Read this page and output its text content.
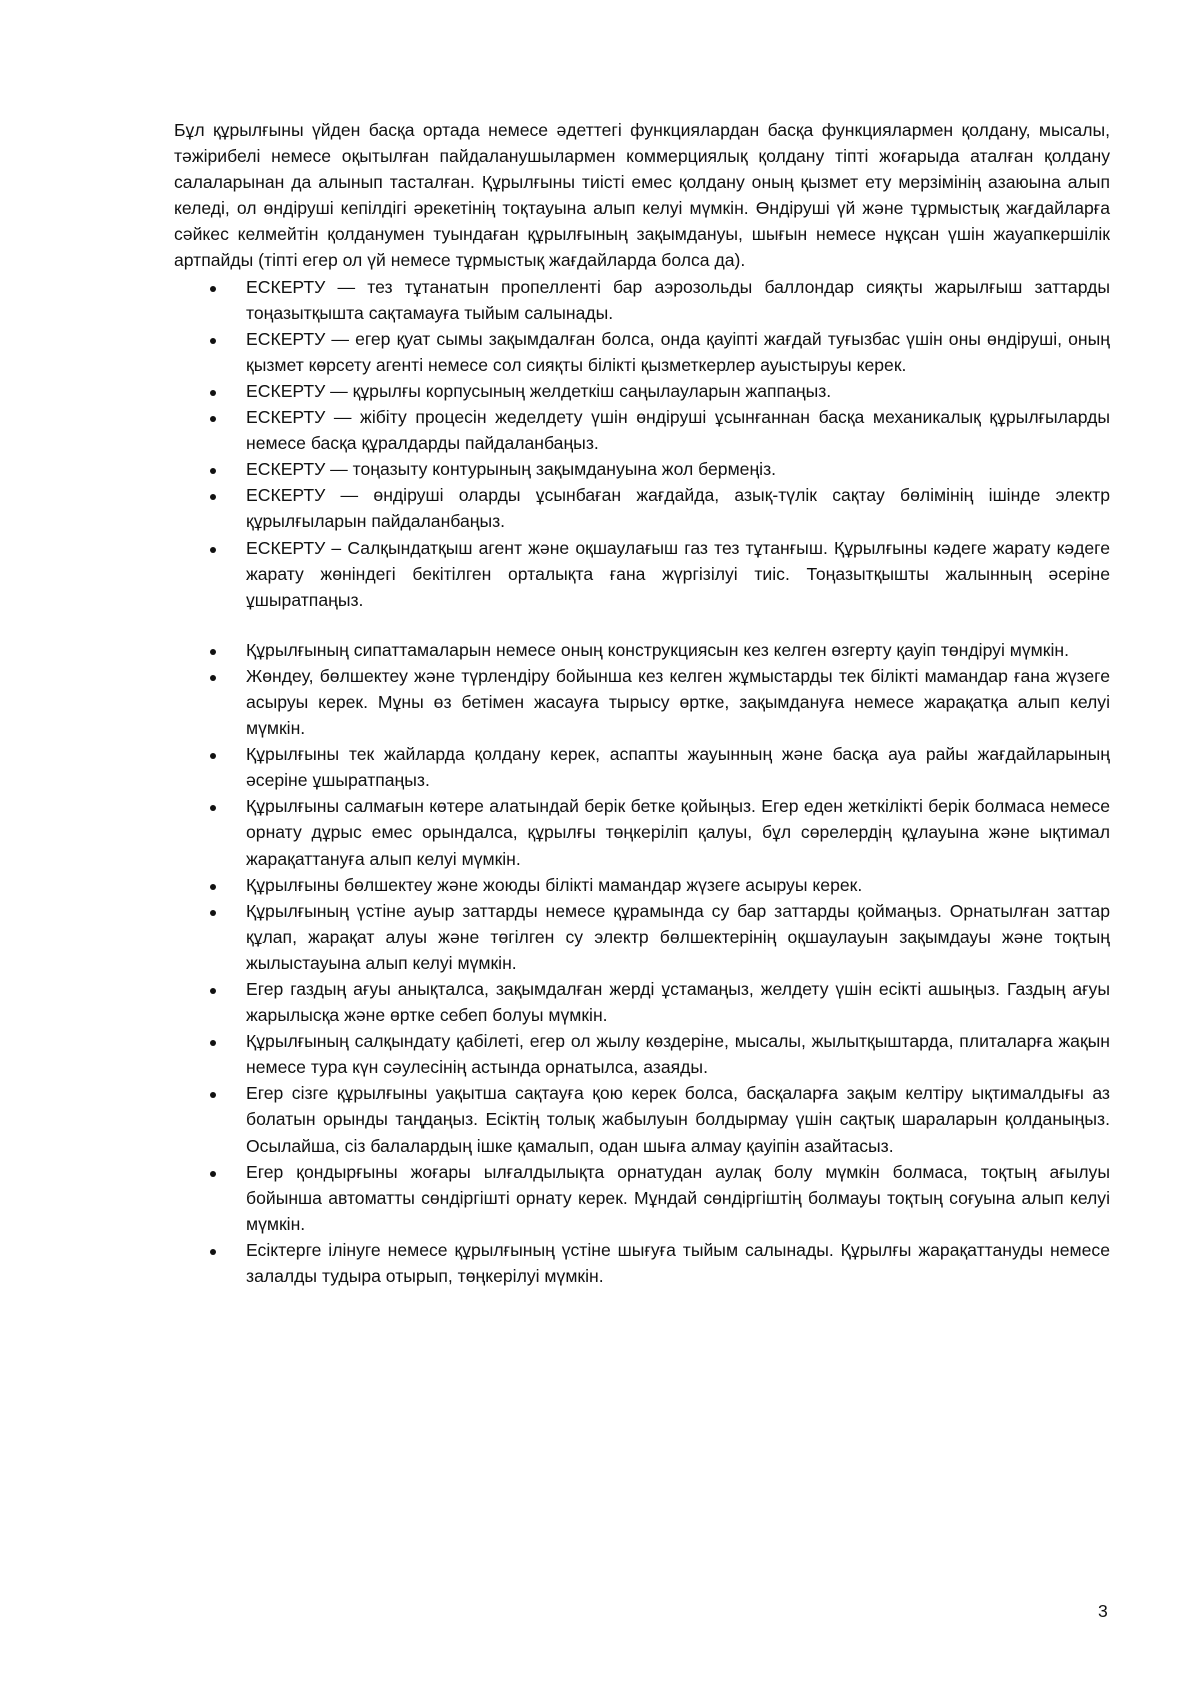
Бұл құрылғыны үйден басқа ортада немесе әдеттегі функциялардан басқа функциялармен қолдану, мысалы, тәжірибелі немесе оқытылған пайдаланушылармен коммерциялық қолдану тіпті жоғарыда аталған қолдану салаларынан да алынып тасталған. Құрылғыны тиісті емес қолдану оның қызмет ету мерзімінің азаюына алып келеді, ол өндіруші кепілдігі әрекетінің тоқтауына алып келуі мүмкін. Өндіруші үй және тұрмыстық жағдайларға сәйкес келмейтін қолданумен туындаған құрылғының зақымдануы, шығын немесе нұқсан үшін жауапкершілік артпайды (тіпті егер ол үй немесе тұрмыстық жағдайларда болса да).

ЕСКЕРТУ — тез тұтанатын пропелленті бар аэрозольды баллондар сияқты жарылғыш заттарды тоңазытқышта сақтамауға тыйым салынады.
ЕСКЕРТУ — егер қуат сымы зақымдалған болса, онда қауіпті жағдай туғызбас үшін оны өндіруші, оның қызмет көрсету агенті немесе сол сияқты білікті қызметкерлер ауыстыруы керек.
ЕСКЕРТУ — құрылғы корпусының желдеткіш саңылауларын жаппаңыз.
ЕСКЕРТУ — жібіту процесін жеделдету үшін өндіруші ұсынғаннан басқа механикалық құрылғыларды немесе басқа құралдарды пайдаланбаңыз.
ЕСКЕРТУ — тоңазыту контурының зақымдануына жол бермеңіз.
ЕСКЕРТУ — өндіруші оларды ұсынбаған жағдайда, азық-түлік сақтау бөлімінің ішінде электр құрылғыларын пайдаланбаңыз.
ЕСКЕРТУ – Салқындатқыш агент және оқшаулағыш газ тез тұтанғыш. Құрылғыны кәдеге жарату кәдеге жарату жөніндегі бекітілген орталықта ғана жүргізілуі тиіс. Тоңазытқышты жалынның әсеріне ұшыратпаңыз.
Құрылғының сипаттамаларын немесе оның конструкциясын кез келген өзгерту қауіп төндіруі мүмкін.
Жөндеу, бөлшектеу және түрлендіру бойынша кез келген жұмыстарды тек білікті мамандар ғана жүзеге асыруы керек. Мұны өз бетімен жасауға тырысу өртке, зақымдануға немесе жарақатқа алып келуі мүмкін.
Құрылғыны тек жайларда қолдану керек, аспапты жауынның және басқа ауа райы жағдайларының әсеріне ұшыратпаңыз.
Құрылғыны салмағын көтере алатындай берік бетке қойыңыз. Егер еден жеткілікті берік болмаса немесе орнату дұрыс емес орындалса, құрылғы төңкеріліп қалуы, бұл сөрелердің құлауына және ықтимал жарақаттануға алып келуі мүмкін.
Құрылғыны бөлшектеу және жоюды білікті мамандар жүзеге асыруы керек.
Құрылғының үстіне ауыр заттарды немесе құрамында су бар заттарды қоймаңыз. Орнатылған заттар құлап, жарақат алуы және төгілген су электр бөлшектерінің оқшаулауын зақымдауы және тоқтың жылыстауына алып келуі мүмкін.
Егер газдың ағуы анықталса, зақымдалған жерді ұстамаңыз, желдету үшін есікті ашыңыз. Газдың ағуы жарылысқа және өртке себеп болуы мүмкін.
Құрылғының салқындату қабілеті, егер ол жылу көздеріне, мысалы, жылытқыштарда, плиталарға жақын немесе тура күн сәулесінің астында орнатылса, азаяды.
Егер сізге құрылғыны уақытша сақтауға қою керек болса, басқаларға зақым келтіру ықтималдығы аз болатын орынды таңдаңыз. Есіктің толық жабылуын болдырмау үшін сақтық шараларын қолданыңыз. Осылайша, сіз балалардың ішке қамалып, одан шыға алмау қауіпін азайтасыз.
Егер қондырғыны жоғары ылғалдылықта орнатудан аулақ болу мүмкін болмаса, тоқтың ағылуы бойынша автоматты сөндіргішті орнату керек. Мұндай сөндіргіштің болмауы тоқтың соғуына алып келуі мүмкін.
Есіктерге ілінуге немесе құрылғының үстіне шығуға тыйым салынады. Құрылғы жарақаттануды немесе залалды тудыра отырып, төңкерілуі мүмкін.
3
